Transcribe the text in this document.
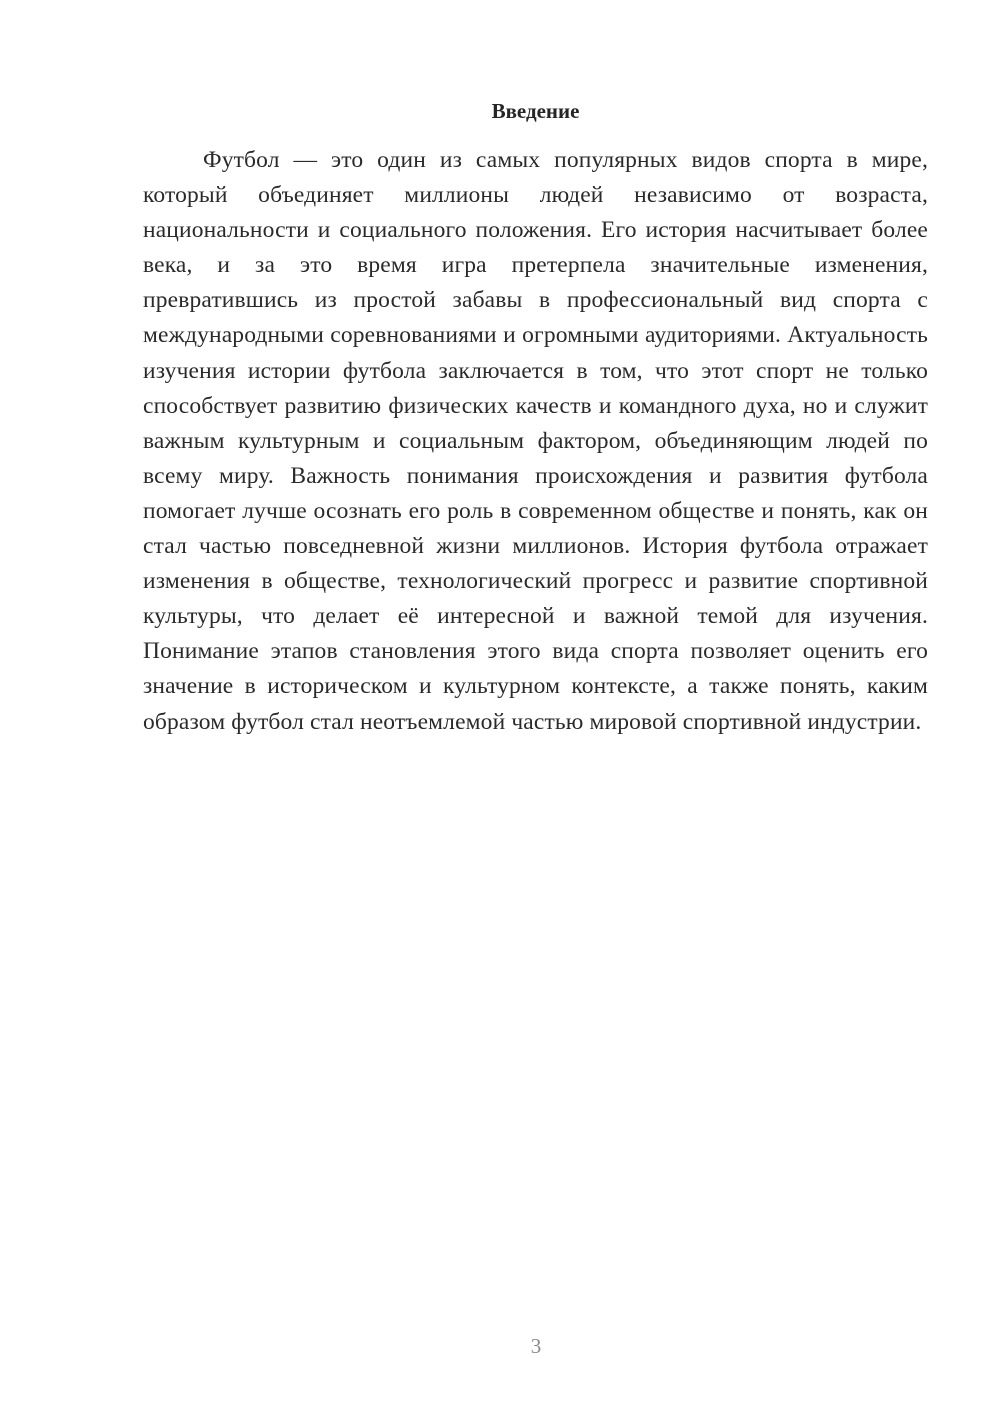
Введение

Футбол — это один из самых популярных видов спорта в мире, который объединяет миллионы людей независимо от возраста, национальности и социального положения. Его история насчитывает более века, и за это время игра претерпела значительные изменения, превратившись из простой забавы в профессиональный вид спорта с международными соревнованиями и огромными аудиториями. Актуальность изучения истории футбола заключается в том, что этот спорт не только способствует развитию физических качеств и командного духа, но и служит важным культурным и социальным фактором, объединяющим людей по всему миру. Важность понимания происхождения и развития футбола помогает лучше осознать его роль в современном обществе и понять, как он стал частью повседневной жизни миллионов. История футбола отражает изменения в обществе, технологический прогресс и развитие спортивной культуры, что делает её интересной и важной темой для изучения. Понимание этапов становления этого вида спорта позволяет оценить его значение в историческом и культурном контексте, а также понять, каким образом футбол стал неотъемлемой частью мировой спортивной индустрии.

3
